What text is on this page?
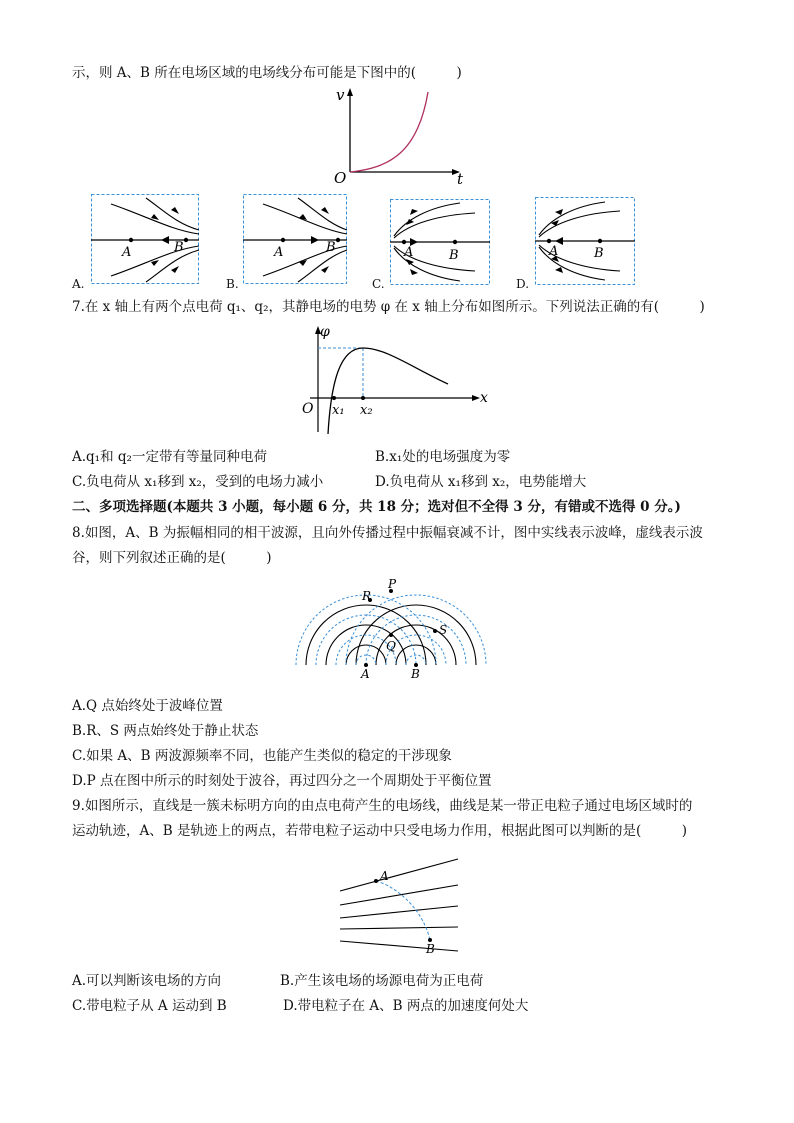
示，则 A、B 所在电场区域的电场线分布可能是下图中的(　　　)
v
O	t
A	B
A.
A	B
B.
A	B
C.
A	B
D.
7.在 x 轴上有两个点电荷 q₁、q₂，其静电场的电势 φ 在 x 轴上分布如图所示。下列说法正确的有(　　　)
φ
O x₁ x₂
x
A.q₁和 q₂一定带有等量同种电荷	B.x₁处的电场强度为零
C.负电荷从 x₁移到 x₂，受到的电场力减小	D.负电荷从 x₁移到 x₂，电势能增大
二、多项选择题(本题共 3 小题，每小题 6 分，共 18 分；选对但不全得 3 分，有错或不选得 0 分。)
8.如图，A、B 为振幅相同的相干波源，且向外传播过程中振幅衰减不计，图中实线表示波峰，虚线表示波
谷，则下列叙述正确的是(　　　)
P
R
S
Q
A	B
A.Q 点始终处于波峰位置
B.R、S 两点始终处于静止状态
C.如果 A、B 两波源频率不同，也能产生类似的稳定的干涉现象
D.P 点在图中所示的时刻处于波谷，再过四分之一个周期处于平衡位置
9.如图所示，直线是一簇未标明方向的由点电荷产生的电场线，曲线是某一带正电粒子通过电场区域时的
运动轨迹，A、B 是轨迹上的两点，若带电粒子运动中只受电场力作用，根据此图可以判断的是(　　　)
A
B
A.可以判断该电场的方向	B.产生该电场的场源电荷为正电荷
C.带电粒子从 A 运动到 B	D.带电粒子在 A、B 两点的加速度何处大
